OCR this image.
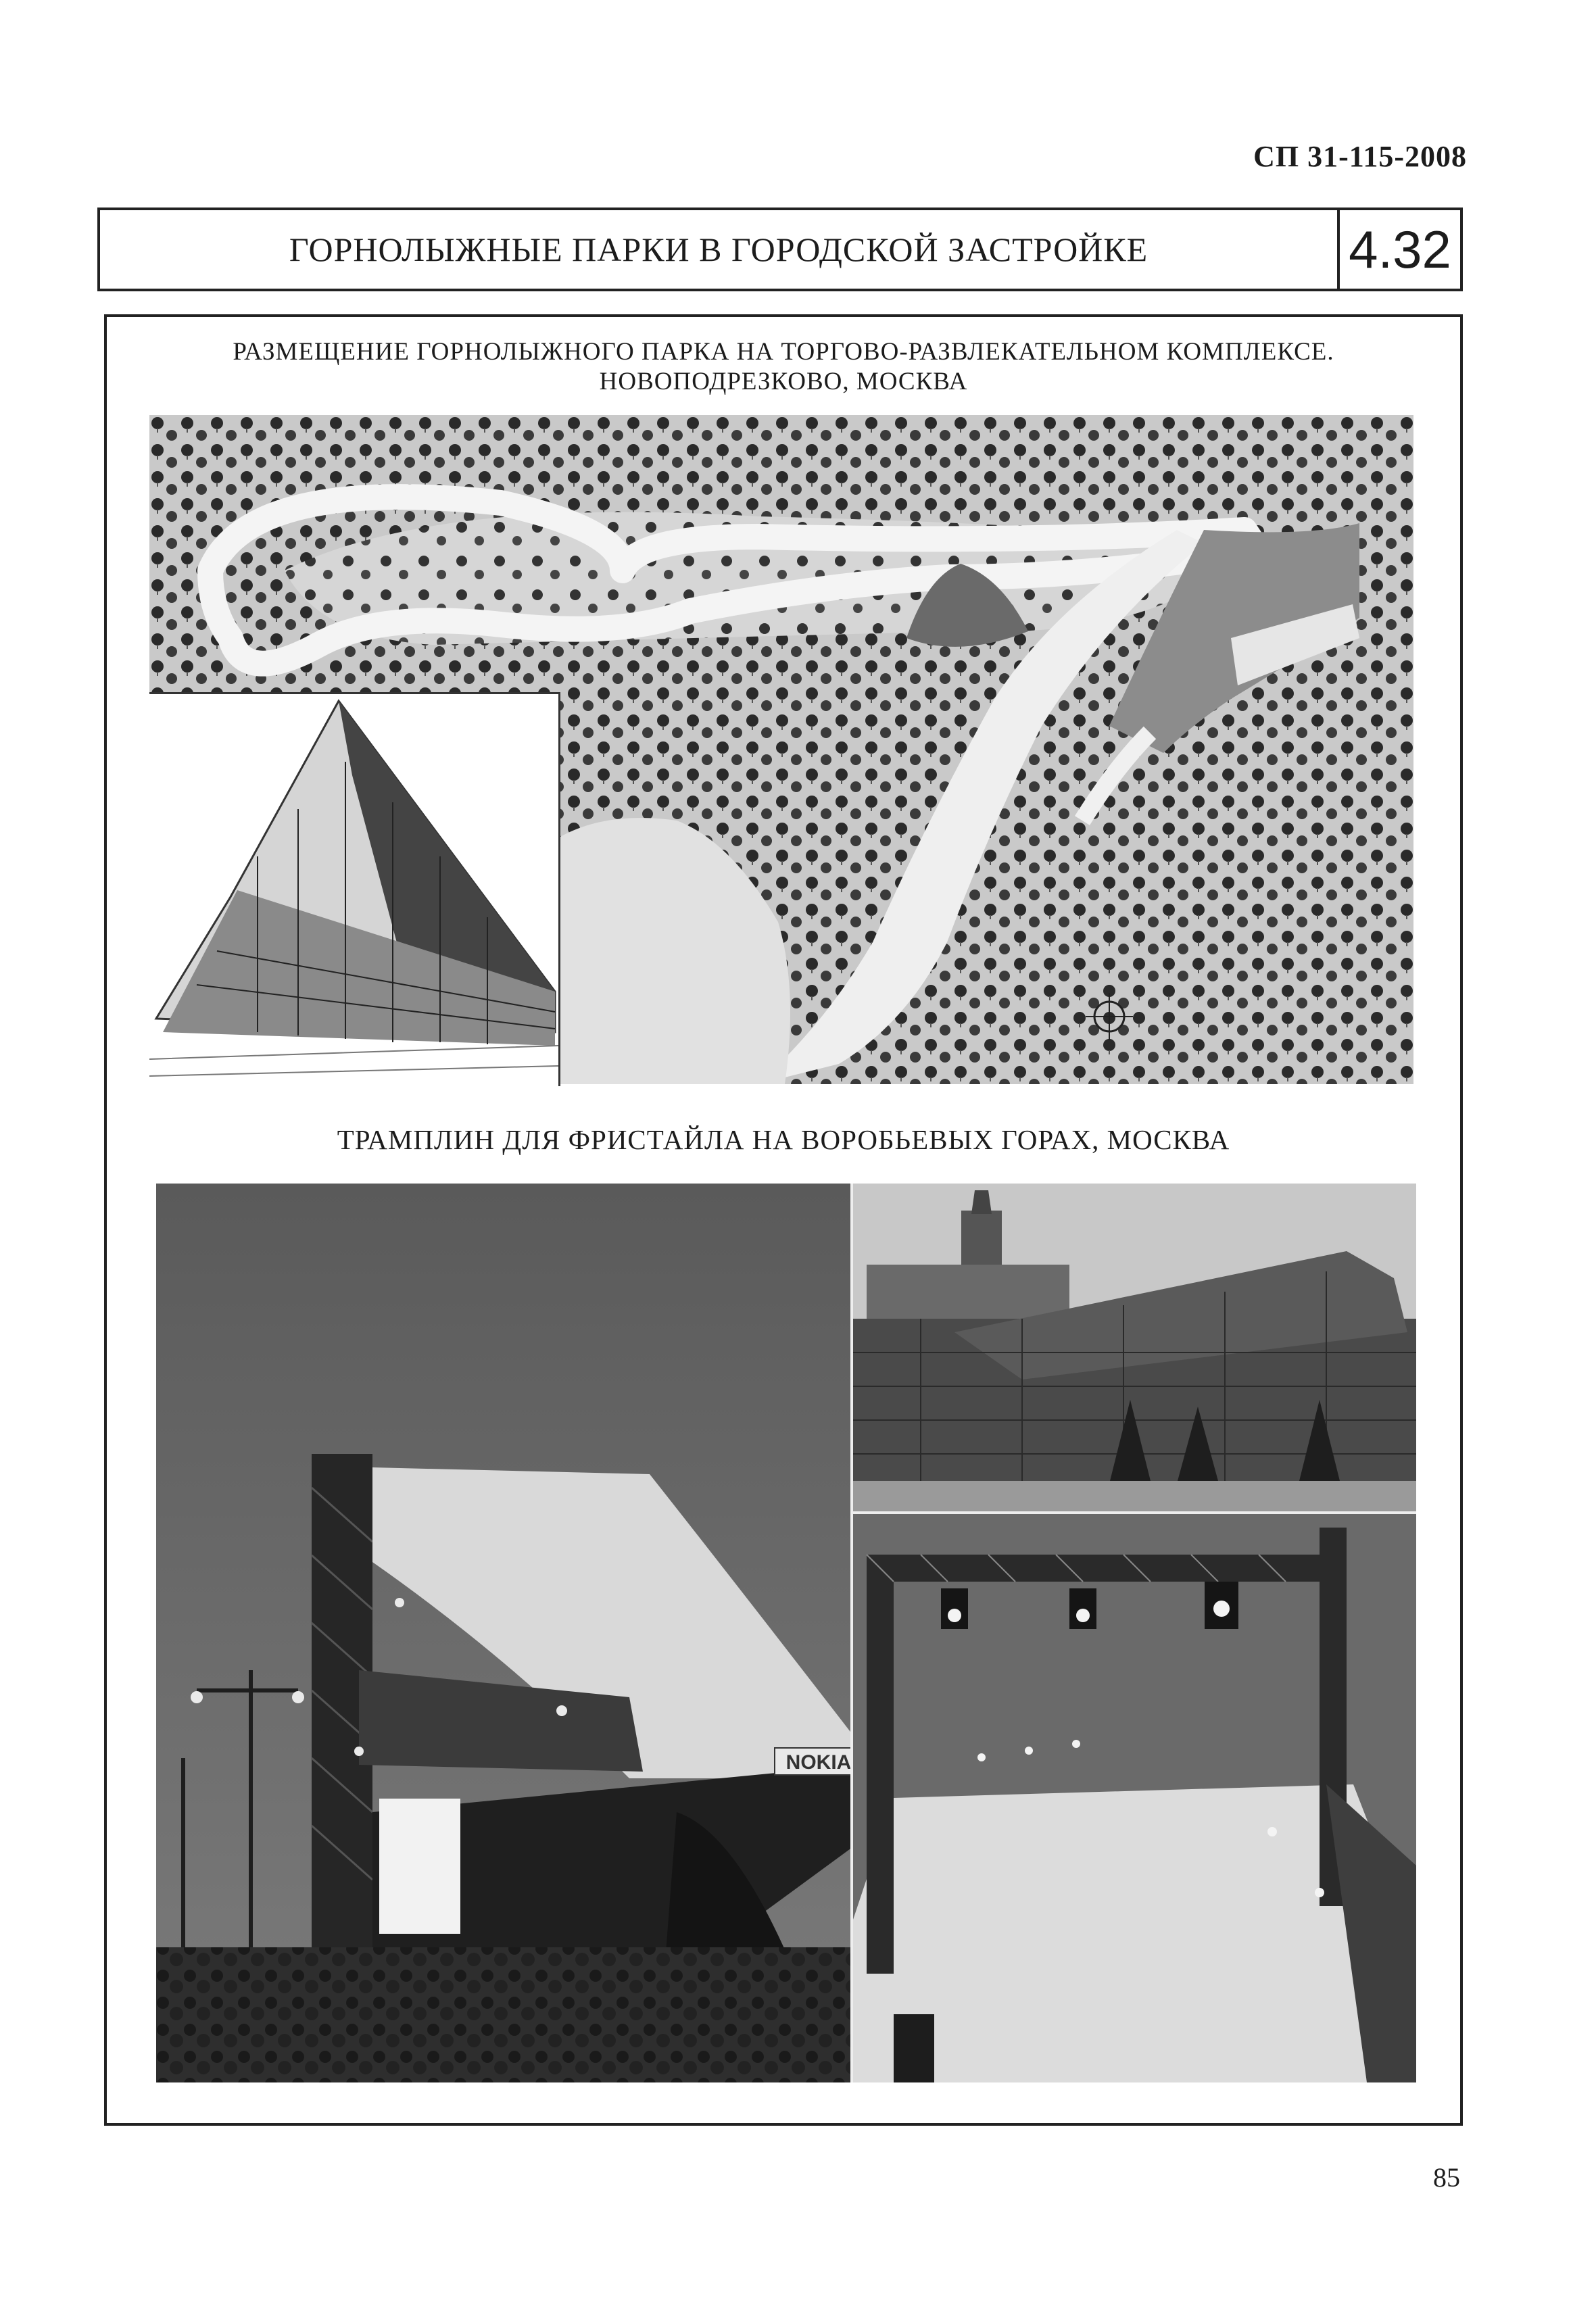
СП 31-115-2008
ГОРНОЛЫЖНЫЕ ПАРКИ В ГОРОДСКОЙ ЗАСТРОЙКЕ	4.32
РАЗМЕЩЕНИЕ ГОРНОЛЫЖНОГО ПАРКА НА ТОРГОВО-РАЗВЛЕКАТЕЛЬНОМ КОМПЛЕКСЕ.
НОВОПОДРЕЗКОВО, МОСКВА
ТРАМПЛИН ДЛЯ ФРИСТАЙЛА НА ВОРОБЬЕВЫХ ГОРАХ, МОСКВА
NOKIA
85
